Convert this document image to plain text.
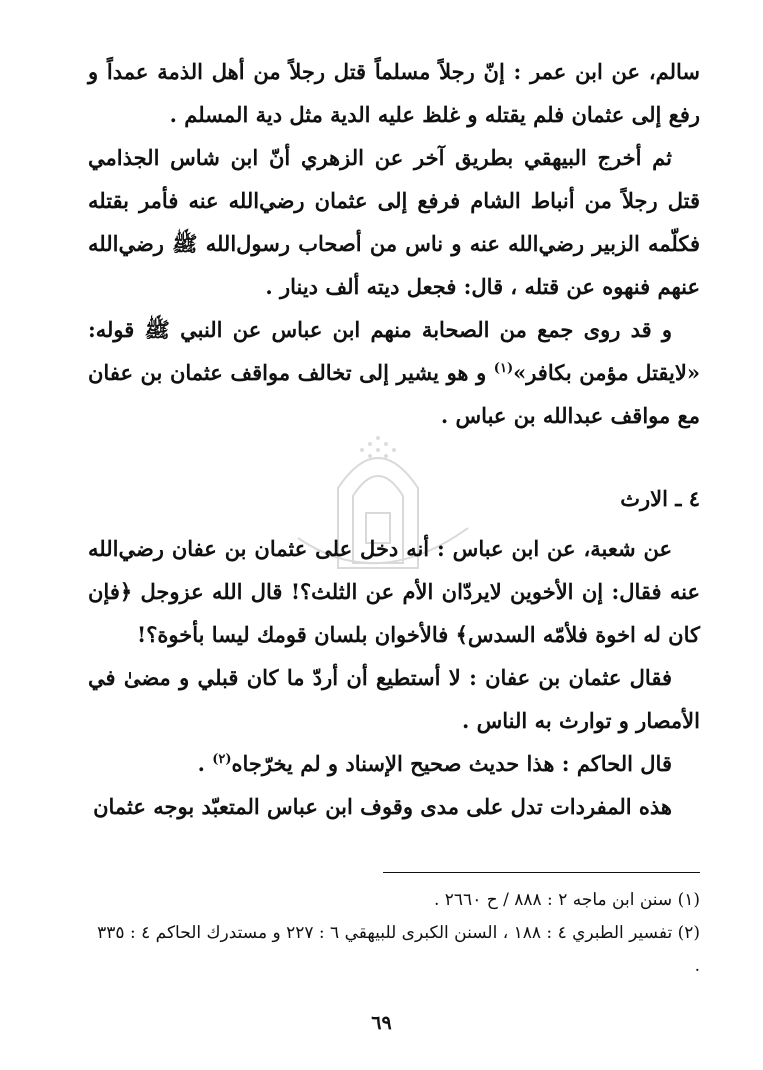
سالم، عن ابن عمر : إنّ رجلاً مسلماً قتل رجلاً من أهل الذمة عمداً و رفع إلى عثمان فلم يقتله و غلظ عليه الدية مثل دية المسلم .

ثم أخرج البيهقي بطريق آخر عن الزهري أنّ ابن شاس الجذامي قتل رجلاً من أنباط الشام فرفع إلى عثمان رضي‌الله عنه فأمر بقتله فكلّمه الزبير رضي‌الله عنه و ناس من أصحاب رسول‌الله ﷺ رضي‌الله عنهم فنهوه عن قتله ، قال: فجعل ديته ألف دينار .

و قد روى جمع من الصحابة منهم ابن عباس عن النبي ﷺ قوله: «لايقتل مؤمن بكافر»$^{(١)}$ و هو يشير إلى تخالف مواقف عثمان بن عفان مع مواقف عبدالله بن عباس .

٤ ـ الارث

عن شعبة، عن ابن عباس : أنه دخل على عثمان بن عفان رضي‌الله عنه فقال: إن الأخوين لايردّان الأم عن الثلث؟! قال الله عزوجل ﴿فإن كان له اخوة فلأمّه السدس﴾ فالأخوان بلسان قومك ليسا بأخوة؟!

فقال عثمان بن عفان : لا أستطيع أن أردّ ما كان قبلي و مضىٰ في الأمصار و توارث به الناس .

قال الحاكم : هذا حديث صحيح الإسناد و لم يخرّجاه$^{(٢)}$ .

هذه المفردات تدل على مدى وقوف ابن عباس المتعبّد بوجه عثمان

(١) سنن ابن ماجه ٢ : ٨٨٨ / ح ٢٦٦٠ .

(٢) تفسير الطبري ٤ : ١٨٨ ، السنن الكبرى للبيهقي ٦ : ٢٢٧ و مستدرك الحاكم ٤ : ٣٣٥ .

٦٩
